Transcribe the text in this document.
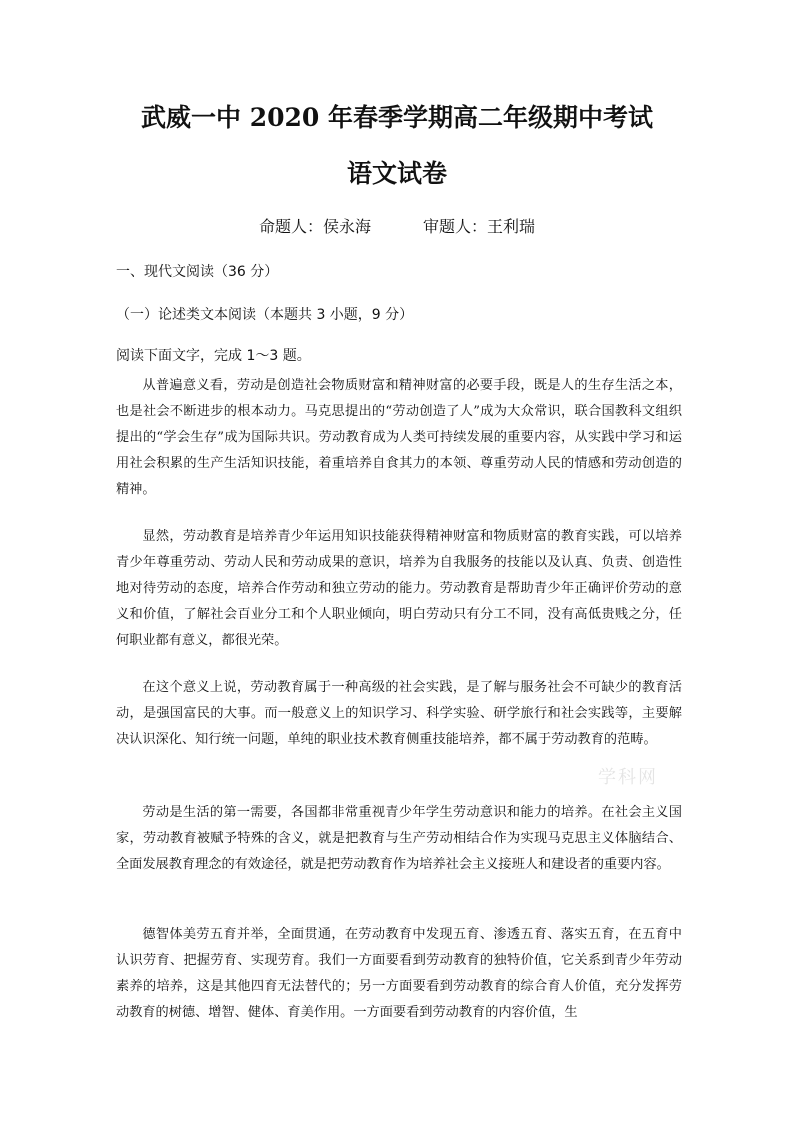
武威一中 2020 年春季学期高二年级期中考试
语文试卷
命题人：侯永海	审题人：王利瑞
一、现代文阅读（36 分）
（一）论述类文本阅读（本题共 3 小题，9 分）
阅读下面文字，完成 1～3 题。

从普遍意义看，劳动是创造社会物质财富和精神财富的必要手段，既是人的生存生活之本，也是社会不断进步的根本动力。马克思提出的“劳动创造了人”成为大众常识，联合国教科文组织提出的“学会生存”成为国际共识。劳动教育成为人类可持续发展的重要内容，从实践中学习和运用社会积累的生产生活知识技能，着重培养自食其力的本领、尊重劳动人民的情感和劳动创造的精神。

显然，劳动教育是培养青少年运用知识技能获得精神财富和物质财富的教育实践，可以培养青少年尊重劳动、劳动人民和劳动成果的意识，培养为自我服务的技能以及认真、负责、创造性地对待劳动的态度，培养合作劳动和独立劳动的能力。劳动教育是帮助青少年正确评价劳动的意义和价值，了解社会百业分工和个人职业倾向，明白劳动只有分工不同，没有高低贵贱之分，任何职业都有意义，都很光荣。

在这个意义上说，劳动教育属于一种高级的社会实践，是了解与服务社会不可缺少的教育活动，是强国富民的大事。而一般意义上的知识学习、科学实验、研学旅行和社会实践等，主要解决认识深化、知行统一问题，单纯的职业技术教育侧重技能培养，都不属于劳动教育的范畴。

学科网

劳动是生活的第一需要，各国都非常重视青少年学生劳动意识和能力的培养。在社会主义国家，劳动教育被赋予特殊的含义，就是把教育与生产劳动相结合作为实现马克思主义体脑结合、全面发展教育理念的有效途径，就是把劳动教育作为培养社会主义接班人和建设者的重要内容。

德智体美劳五育并举，全面贯通，在劳动教育中发现五育、渗透五育、落实五育，在五育中认识劳育、把握劳育、实现劳育。我们一方面要看到劳动教育的独特价值，它关系到青少年劳动素养的培养，这是其他四育无法替代的；另一方面要看到劳动教育的综合育人价值，充分发挥劳动教育的树德、增智、健体、育美作用。一方面要看到劳动教育的内容价值，生
